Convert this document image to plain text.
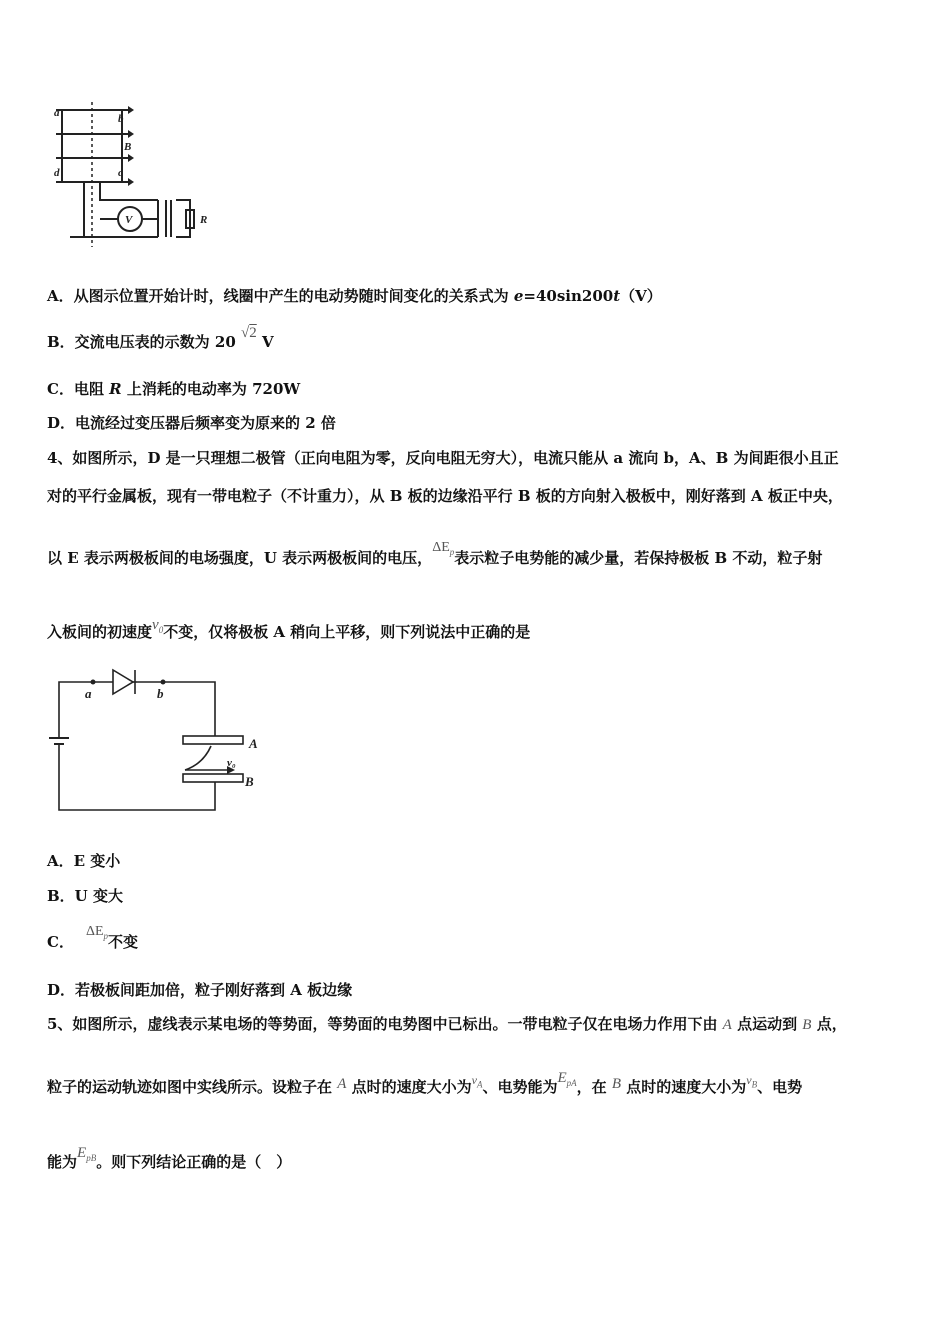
a	b
B
c
d
V	R
A．从图示位置开始计时，线圈中产生的电动势随时间变化的关系式为 e=40sin200t（V）
B．交流电压表的示数为 20 √2 V
C．电阻 R 上消耗的电动率为 720W
D．电流经过变压器后频率变为原来的 2 倍
4、如图所示，D 是一只理想二极管（正向电阻为零，反向电阻无穷大），电流只能从 a 流向 b，A、B 为间距很小且正
对的平行金属板，现有一带电粒子（不计重力），从 B 板的边缘沿平行 B 板的方向射入极板中，刚好落到 A 板正中央，
以 E 表示两极板间的电场强度，U 表示两极板间的电压，$\Delta E_p$表示粒子电势能的减少量，若保持极板 B 不动，粒子射
入板间的初速度$v_0$不变，仅将极板 A 稍向上平移，则下列说法中正确的是
a	b
A
B
v₀
A．E 变小
B．U 变大
C．$\Delta E_p$不变
D．若极板间距加倍，粒子刚好落到 A 板边缘
5、如图所示，虚线表示某电场的等势面，等势面的电势图中已标出。一带电粒子仅在电场力作用下由 A 点运动到 B 点，
粒子的运动轨迹如图中实线所示。设粒子在 A 点时的速度大小为$^{v_A}$、电势能为$E_{pA}$，在 B 点时的速度大小为$^{v_B}$、电势
能为$E_{pB}$。则下列结论正确的是（　）
